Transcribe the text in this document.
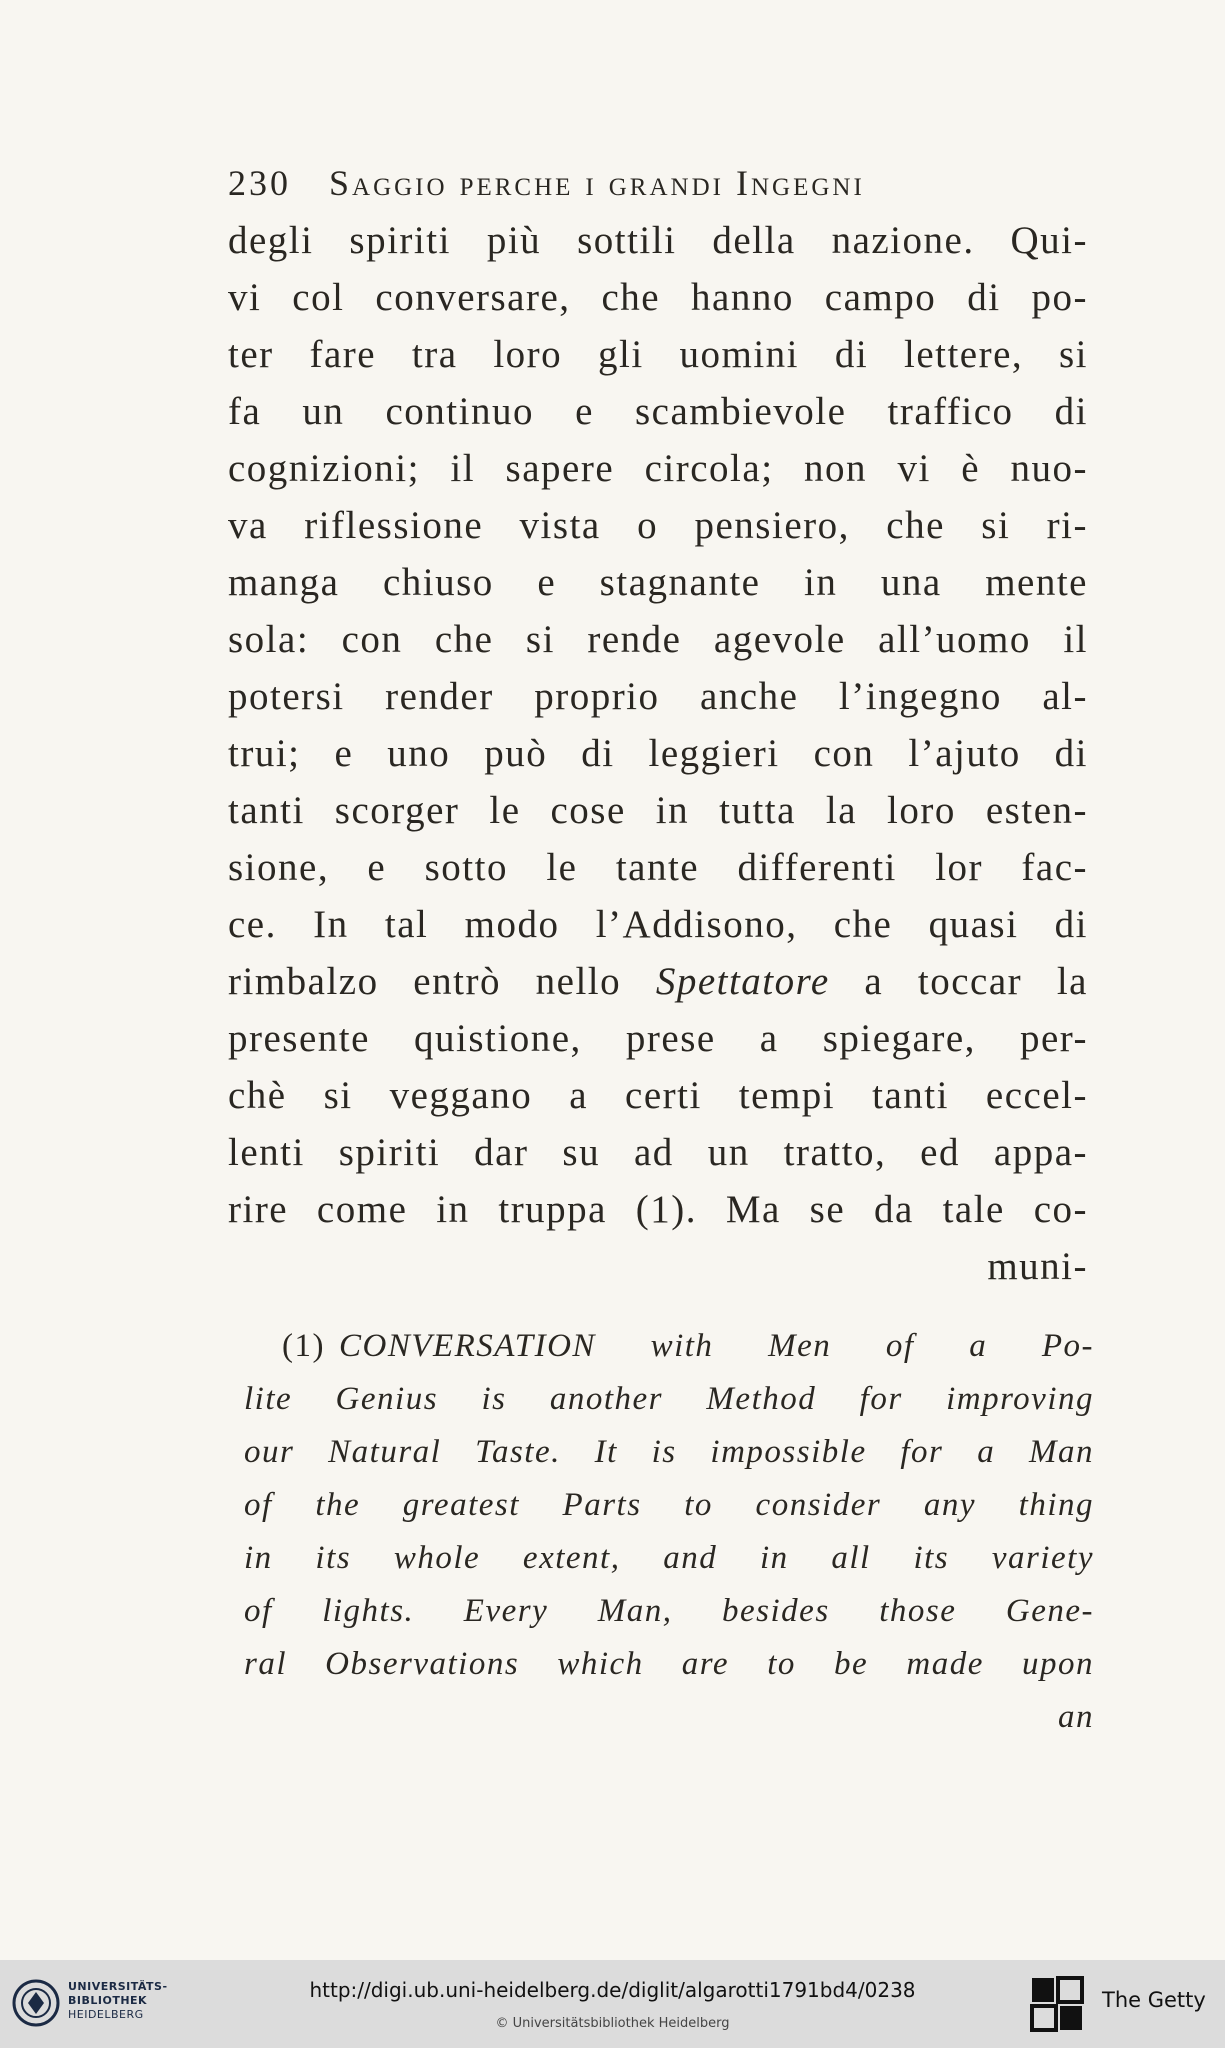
230 Saggio perche i grandi Ingegni
degli spiriti più sottili della nazione. Qui-
vi col conversare, che hanno campo di po-
ter fare tra loro gli uomini di lettere, si
fa un continuo e scambievole traffico di
cognizioni; il sapere circola; non vi è nuo-
va riflessione vista o pensiero, che si ri-
manga chiuso e stagnante in una mente
sola: con che si rende agevole all’uomo il
potersi render proprio anche l’ingegno al-
trui; e uno può di leggieri con l’ajuto di
tanti scorger le cose in tutta la loro esten-
sione, e sotto le tante differenti lor fac-
ce. In tal modo l’Addisono, che quasi di
rimbalzo entrò nello Spettatore a toccar la
presente quistione, prese a spiegare, per-
chè si veggano a certi tempi tanti eccel-
lenti spiriti dar su ad un tratto, ed appa-
rire come in truppa (1). Ma se da tale co-
muni-
(1) CONVERSATION with Men of a Po-
lite Genius is another Method for improving
our Natural Taste. It is impossible for a Man
of the greatest Parts to consider any thing
in its whole extent, and in all its variety
of lights. Every Man, besides those Gene-
ral Observations which are to be made upon
an
UNIVERSITÄTS-
BIBLIOTHEK
HEIDELBERG
http://digi.ub.uni-heidelberg.de/diglit/algarotti1791bd4/0238
© Universitätsbibliothek Heidelberg
The Getty
